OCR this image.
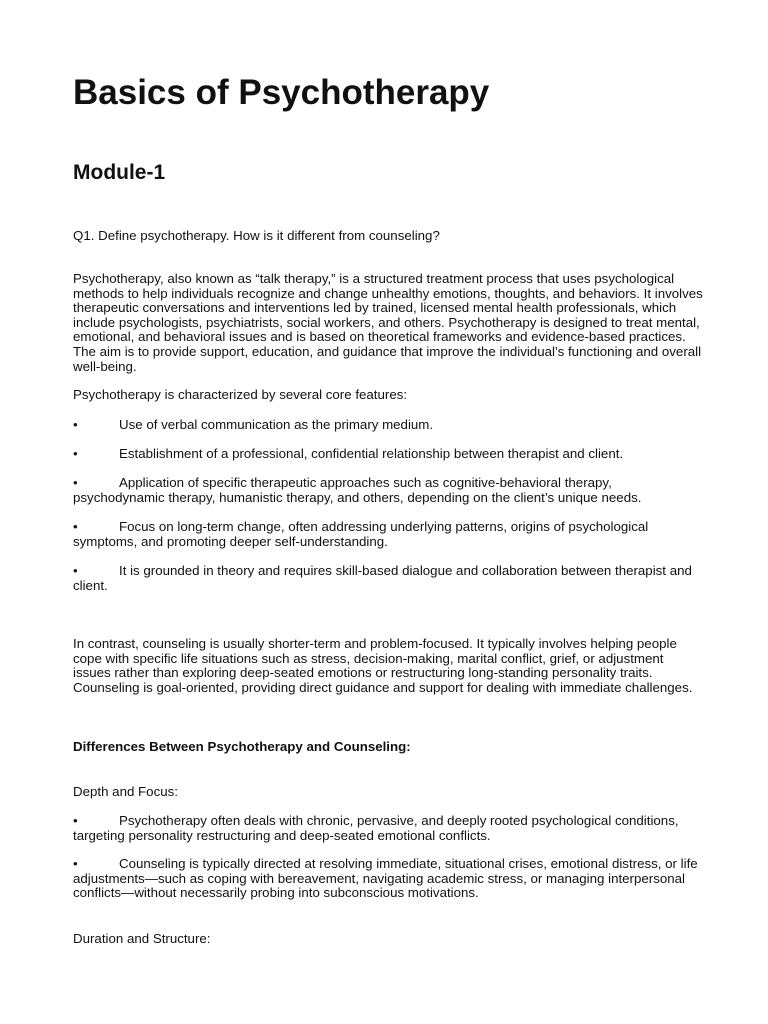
Basics of Psychotherapy
Module-1

Q1. Define psychotherapy. How is it different from counseling?

Psychotherapy, also known as “talk therapy,” is a structured treatment process that uses psychological methods to help individuals recognize and change unhealthy emotions, thoughts, and behaviors. It involves therapeutic conversations and interventions led by trained, licensed mental health professionals, which include psychologists, psychiatrists, social workers, and others. Psychotherapy is designed to treat mental, emotional, and behavioral issues and is based on theoretical frameworks and evidence-based practices. The aim is to provide support, education, and guidance that improve the individual’s functioning and overall well-being.

Psychotherapy is characterized by several core features:

•	Use of verbal communication as the primary medium.

•	Establishment of a professional, confidential relationship between therapist and client.

•	Application of specific therapeutic approaches such as cognitive-behavioral therapy, psychodynamic therapy, humanistic therapy, and others, depending on the client’s unique needs.

•	Focus on long-term change, often addressing underlying patterns, origins of psychological symptoms, and promoting deeper self-understanding.

•	It is grounded in theory and requires skill-based dialogue and collaboration between therapist and client.

In contrast, counseling is usually shorter-term and problem-focused. It typically involves helping people cope with specific life situations such as stress, decision-making, marital conflict, grief, or adjustment issues rather than exploring deep-seated emotions or restructuring long-standing personality traits. Counseling is goal-oriented, providing direct guidance and support for dealing with immediate challenges.

Differences Between Psychotherapy and Counseling:

Depth and Focus:

•	Psychotherapy often deals with chronic, pervasive, and deeply rooted psychological conditions, targeting personality restructuring and deep-seated emotional conflicts.

•	Counseling is typically directed at resolving immediate, situational crises, emotional distress, or life adjustments—such as coping with bereavement, navigating academic stress, or managing interpersonal conflicts—without necessarily probing into subconscious motivations.

Duration and Structure:
